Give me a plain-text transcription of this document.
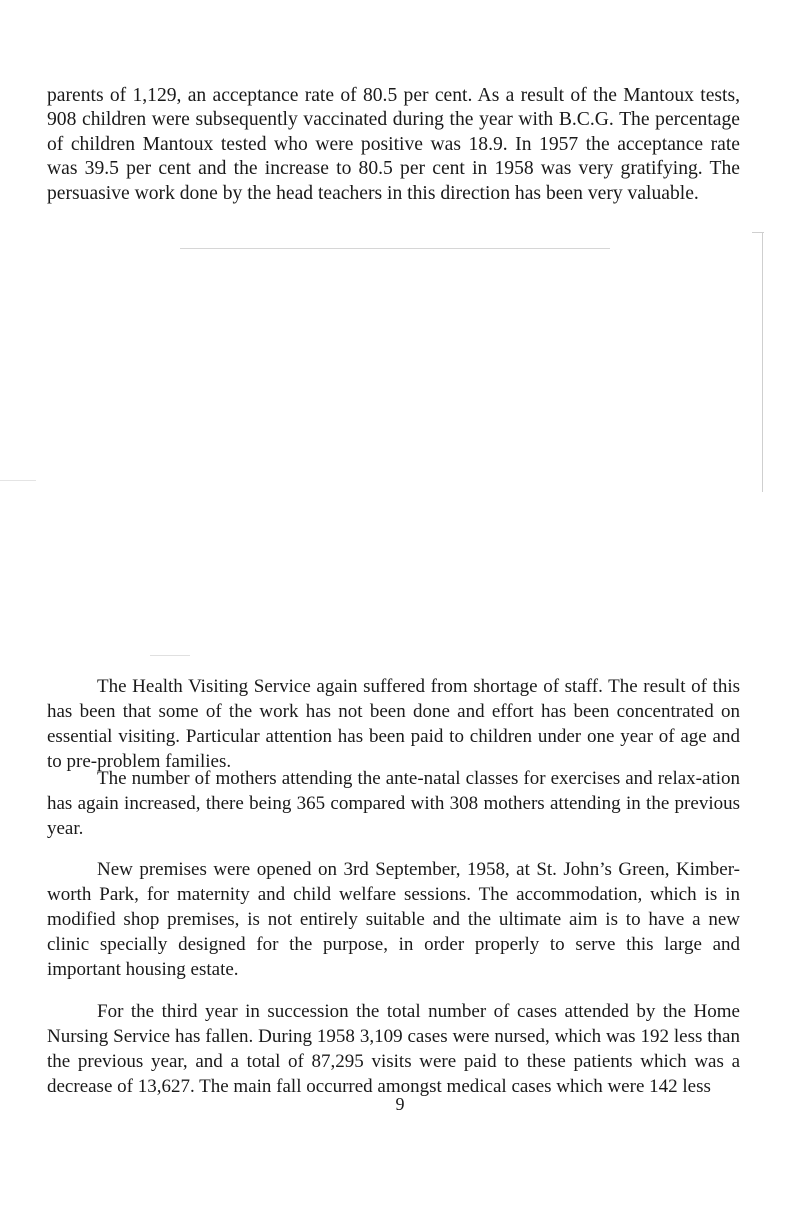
parents of 1,129, an acceptance rate of 80.5 per cent. As a result of the Mantoux tests, 908 children were subsequently vaccinated during the year with B.C.G. The percentage of children Mantoux tested who were positive was 18.9. In 1957 the acceptance rate was 39.5 per cent and the increase to 80.5 per cent in 1958 was very gratifying. The persuasive work done by the head teachers in this direction has been very valuable.

The Health Visiting Service again suffered from shortage of staff. The result of this has been that some of the work has not been done and effort has been concentrated on essential visiting. Particular attention has been paid to children under one year of age and to pre-problem families.

The number of mothers attending the ante-natal classes for exercises and relax-ation has again increased, there being 365 compared with 308 mothers attending in the previous year.

New premises were opened on 3rd September, 1958, at St. John’s Green, Kimber-worth Park, for maternity and child welfare sessions. The accommodation, which is in modified shop premises, is not entirely suitable and the ultimate aim is to have a new clinic specially designed for the purpose, in order properly to serve this large and important housing estate.

For the third year in succession the total number of cases attended by the Home Nursing Service has fallen. During 1958 3,109 cases were nursed, which was 192 less than the previous year, and a total of 87,295 visits were paid to these patients which was a decrease of 13,627. The main fall occurred amongst medical cases which were 142 less

9
